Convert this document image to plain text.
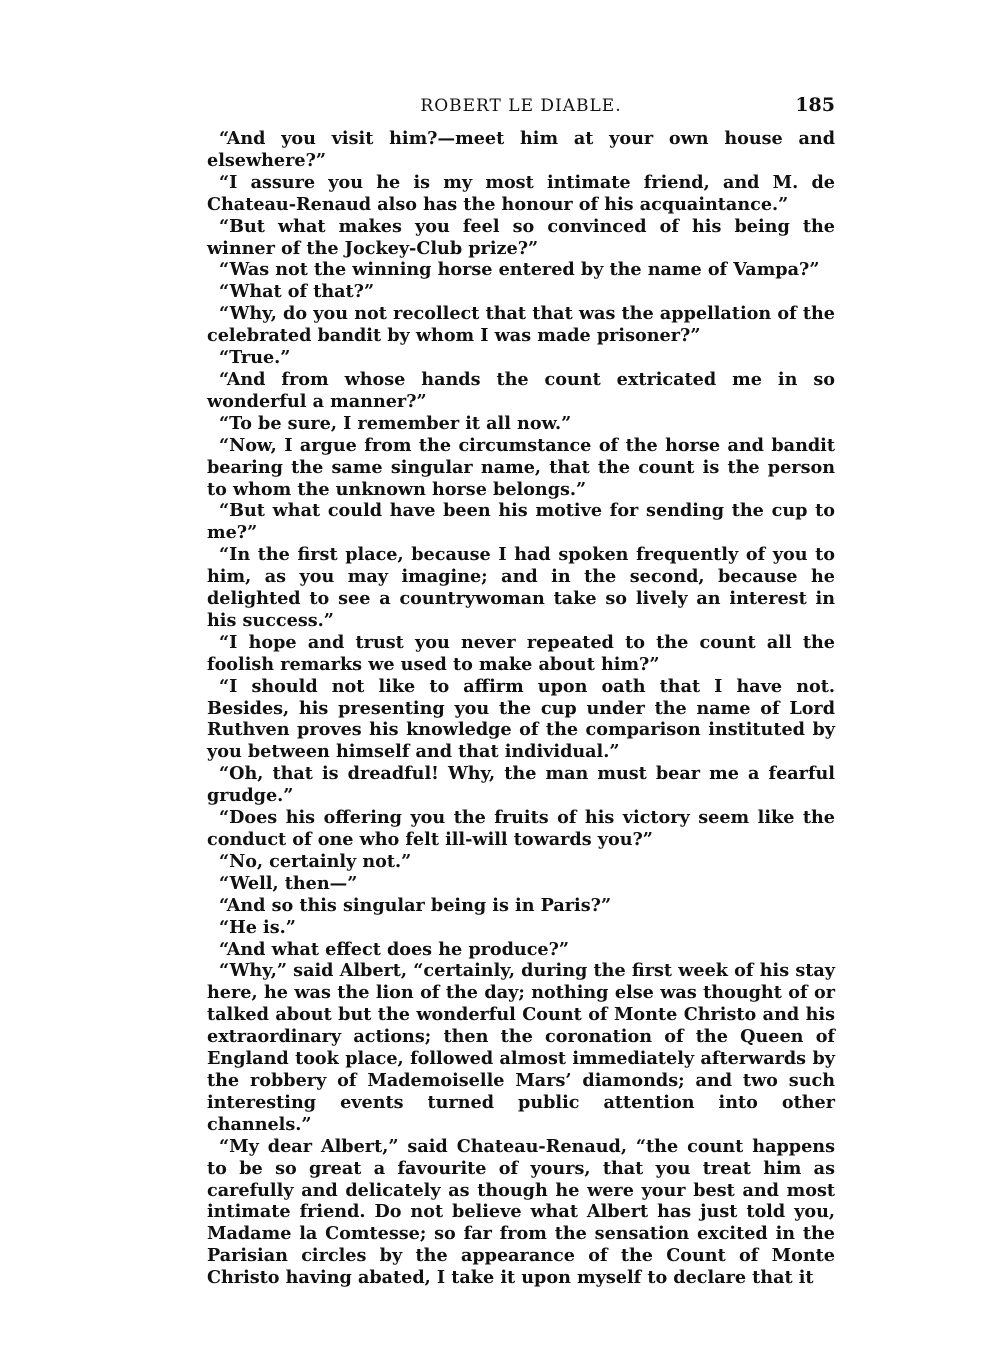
ROBERT LE DIABLE.	185

“And you visit him?—meet him at your own house and elsewhere?”

“I assure you he is my most intimate friend, and M. de Chateau-Renaud also has the honour of his acquaintance.”

“But what makes you feel so convinced of his being the winner of the Jockey-Club prize?”

“Was not the winning horse entered by the name of Vampa?”

“What of that?”

“Why, do you not recollect that that was the appellation of the celebrated bandit by whom I was made prisoner?”

“True.”

“And from whose hands the count extricated me in so wonderful a manner?”

“To be sure, I remember it all now.”

“Now, I argue from the circumstance of the horse and bandit bearing the same singular name, that the count is the person to whom the unknown horse belongs.”

“But what could have been his motive for sending the cup to me?”

“In the first place, because I had spoken frequently of you to him, as you may imagine; and in the second, because he delighted to see a countrywoman take so lively an interest in his success.”

“I hope and trust you never repeated to the count all the foolish remarks we used to make about him?”

“I should not like to affirm upon oath that I have not. Besides, his presenting you the cup under the name of Lord Ruthven proves his knowledge of the comparison instituted by you between himself and that individual.”

“Oh, that is dreadful! Why, the man must bear me a fearful grudge.”

“Does his offering you the fruits of his victory seem like the conduct of one who felt ill-will towards you?”

“No, certainly not.”

“Well, then—”

“And so this singular being is in Paris?”

“He is.”

“And what effect does he produce?”

“Why,” said Albert, “certainly, during the first week of his stay here, he was the lion of the day; nothing else was thought of or talked about but the wonderful Count of Monte Christo and his extraordinary actions; then the coronation of the Queen of England took place, followed almost immediately afterwards by the robbery of Mademoiselle Mars’ diamonds; and two such interesting events turned public attention into other channels.”

“My dear Albert,” said Chateau-Renaud, “the count happens to be so great a favourite of yours, that you treat him as carefully and delicately as though he were your best and most intimate friend. Do not believe what Albert has just told you, Madame la Comtesse; so far from the sensation excited in the Parisian circles by the appearance of the Count of Monte Christo having abated, I take it upon myself to declare that it
